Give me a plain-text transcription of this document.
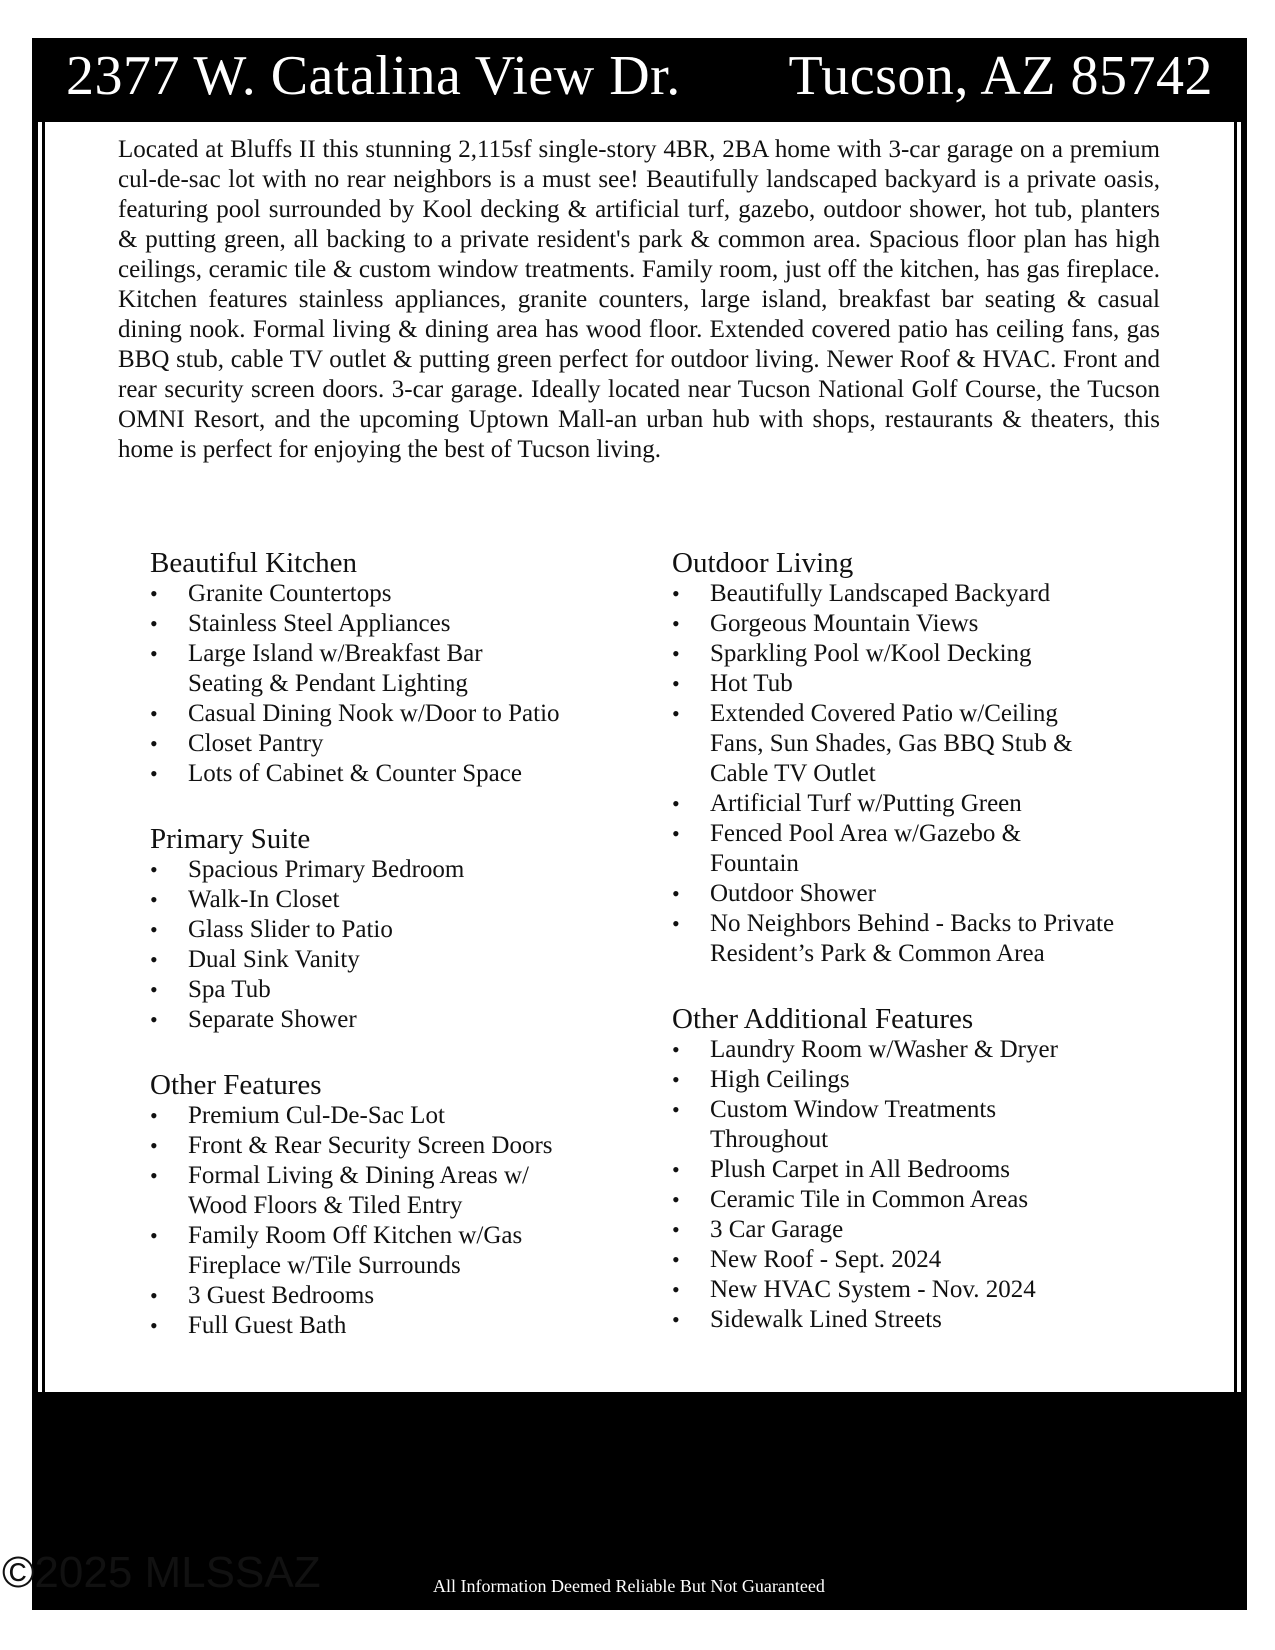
2377 W. Catalina View Dr. Tucson, AZ 85742

Located at Bluffs II this stunning 2,115sf single-story 4BR, 2BA home with 3-car garage on a premium cul-de-sac lot with no rear neighbors is a must see! Beautifully landscaped backyard is a private oasis, featuring pool surrounded by Kool decking & artificial turf, gazebo, outdoor shower, hot tub, planters & putting green, all backing to a private resident's park & common area. Spacious floor plan has high ceilings, ceramic tile & custom window treatments. Family room, just off the kitchen, has gas fireplace. Kitchen features stainless appliances, granite counters, large island, breakfast bar seating & casual dining nook. Formal living & dining area has wood floor. Extended covered patio has ceiling fans, gas BBQ stub, cable TV outlet & putting green perfect for outdoor living. Newer Roof & HVAC. Front and rear security screen doors. 3-car garage. Ideally located near Tucson National Golf Course, the Tucson OMNI Resort, and the upcoming Uptown Mall-an urban hub with shops, restaurants & theaters, this home is perfect for enjoying the best of Tucson living.

Beautiful Kitchen
• Granite Countertops
• Stainless Steel Appliances
• Large Island w/Breakfast Bar Seating & Pendant Lighting
• Casual Dining Nook w/Door to Patio
• Closet Pantry
• Lots of Cabinet & Counter Space
Primary Suite
• Spacious Primary Bedroom
• Walk-In Closet
• Glass Slider to Patio
• Dual Sink Vanity
• Spa Tub
• Separate Shower
Other Features
• Premium Cul-De-Sac Lot
• Front & Rear Security Screen Doors
• Formal Living & Dining Areas w/ Wood Floors & Tiled Entry
• Family Room Off Kitchen w/Gas Fireplace w/Tile Surrounds
• 3 Guest Bedrooms
• Full Guest Bath
Outdoor Living
• Beautifully Landscaped Backyard
• Gorgeous Mountain Views
• Sparkling Pool w/Kool Decking
• Hot Tub
• Extended Covered Patio w/Ceiling Fans, Sun Shades, Gas BBQ Stub & Cable TV Outlet
• Artificial Turf w/Putting Green
• Fenced Pool Area w/Gazebo & Fountain
• Outdoor Shower
• No Neighbors Behind - Backs to Private Resident’s Park & Common Area
Other Additional Features
• Laundry Room w/Washer & Dryer
• High Ceilings
• Custom Window Treatments Throughout
• Plush Carpet in All Bedrooms
• Ceramic Tile in Common Areas
• 3 Car Garage
• New Roof - Sept. 2024
• New HVAC System - Nov. 2024
• Sidewalk Lined Streets
©2025 MLSSAZ	All Information Deemed Reliable But Not Guaranteed
